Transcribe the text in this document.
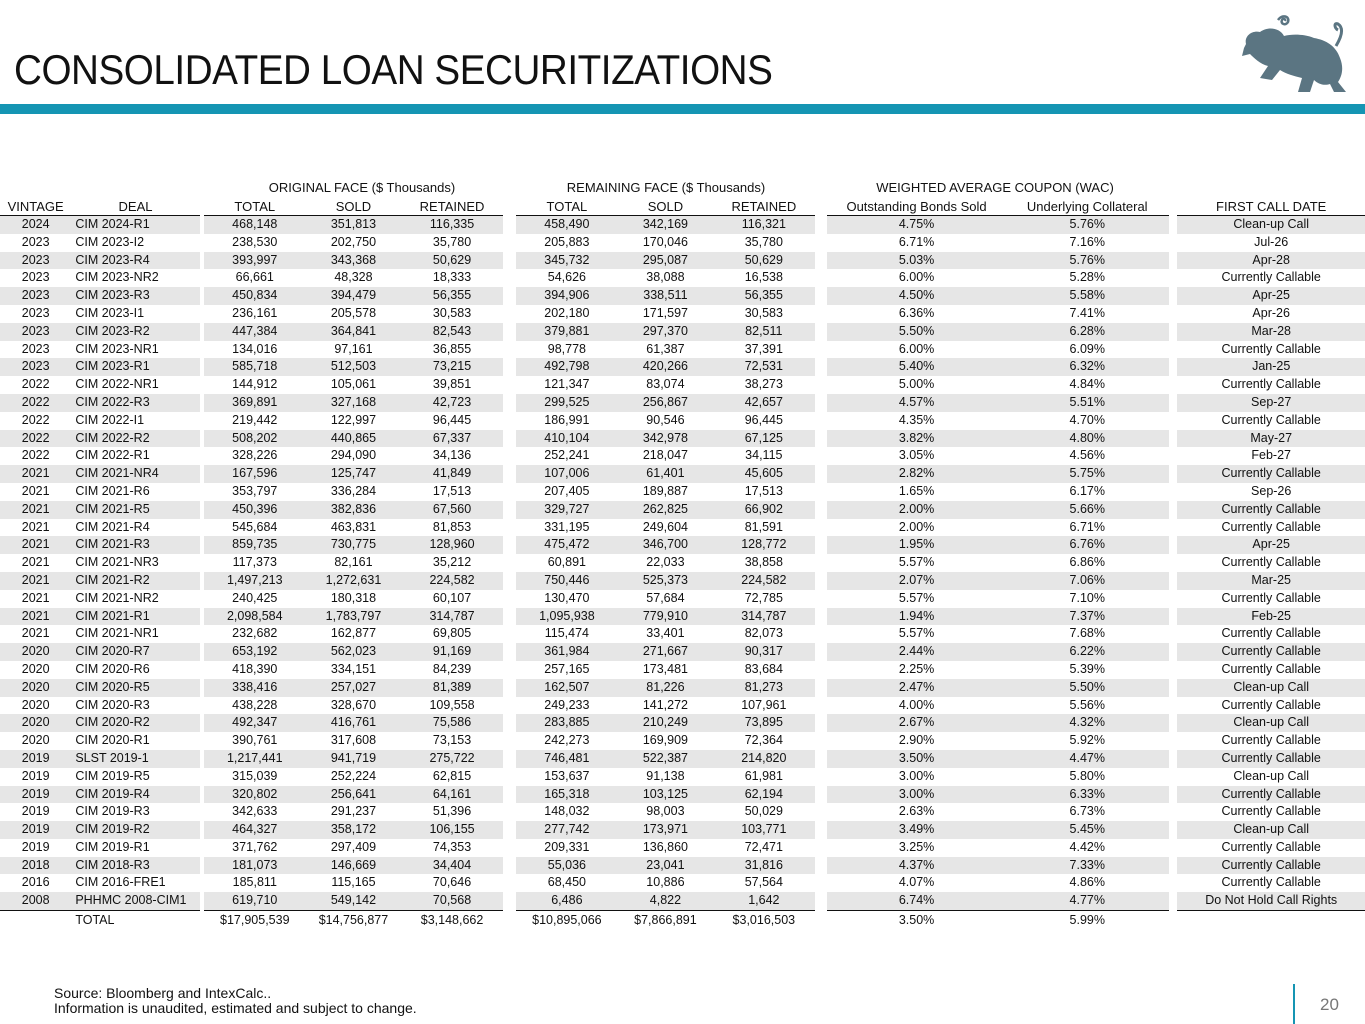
CONSOLIDATED LOAN SECURITIZATIONS
ORIGINAL FACE ($ Thousands)	REMAINING FACE ($ Thousands)	WEIGHTED AVERAGE COUPON (WAC)
VINTAGE	DEAL		TOTAL	SOLD	RETAINED		TOTAL	SOLD	RETAINED		Outstanding Bonds Sold	Underlying Collateral		FIRST CALL DATE
2024	CIM 2024-R1		468,148	351,813	116,335		458,490	342,169	116,321		4.75%	5.76%		Clean-up Call
2023	CIM 2023-I2		238,530	202,750	35,780		205,883	170,046	35,780		6.71%	7.16%		Jul-26
2023	CIM 2023-R4		393,997	343,368	50,629		345,732	295,087	50,629		5.03%	5.76%		Apr-28
2023	CIM 2023-NR2		66,661	48,328	18,333		54,626	38,088	16,538		6.00%	5.28%		Currently Callable
2023	CIM 2023-R3		450,834	394,479	56,355		394,906	338,511	56,355		4.50%	5.58%		Apr-25
2023	CIM 2023-I1		236,161	205,578	30,583		202,180	171,597	30,583		6.36%	7.41%		Apr-26
2023	CIM 2023-R2		447,384	364,841	82,543		379,881	297,370	82,511		5.50%	6.28%		Mar-28
2023	CIM 2023-NR1		134,016	97,161	36,855		98,778	61,387	37,391		6.00%	6.09%		Currently Callable
2023	CIM 2023-R1		585,718	512,503	73,215		492,798	420,266	72,531		5.40%	6.32%		Jan-25
2022	CIM 2022-NR1		144,912	105,061	39,851		121,347	83,074	38,273		5.00%	4.84%		Currently Callable
2022	CIM 2022-R3		369,891	327,168	42,723		299,525	256,867	42,657		4.57%	5.51%		Sep-27
2022	CIM 2022-I1		219,442	122,997	96,445		186,991	90,546	96,445		4.35%	4.70%		Currently Callable
2022	CIM 2022-R2		508,202	440,865	67,337		410,104	342,978	67,125		3.82%	4.80%		May-27
2022	CIM 2022-R1		328,226	294,090	34,136		252,241	218,047	34,115		3.05%	4.56%		Feb-27
2021	CIM 2021-NR4		167,596	125,747	41,849		107,006	61,401	45,605		2.82%	5.75%		Currently Callable
2021	CIM 2021-R6		353,797	336,284	17,513		207,405	189,887	17,513		1.65%	6.17%		Sep-26
2021	CIM 2021-R5		450,396	382,836	67,560		329,727	262,825	66,902		2.00%	5.66%		Currently Callable
2021	CIM 2021-R4		545,684	463,831	81,853		331,195	249,604	81,591		2.00%	6.71%		Currently Callable
2021	CIM 2021-R3		859,735	730,775	128,960		475,472	346,700	128,772		1.95%	6.76%		Apr-25
2021	CIM 2021-NR3		117,373	82,161	35,212		60,891	22,033	38,858		5.57%	6.86%		Currently Callable
2021	CIM 2021-R2		1,497,213	1,272,631	224,582		750,446	525,373	224,582		2.07%	7.06%		Mar-25
2021	CIM 2021-NR2		240,425	180,318	60,107		130,470	57,684	72,785		5.57%	7.10%		Currently Callable
2021	CIM 2021-R1		2,098,584	1,783,797	314,787		1,095,938	779,910	314,787		1.94%	7.37%		Feb-25
2021	CIM 2021-NR1		232,682	162,877	69,805		115,474	33,401	82,073		5.57%	7.68%		Currently Callable
2020	CIM 2020-R7		653,192	562,023	91,169		361,984	271,667	90,317		2.44%	6.22%		Currently Callable
2020	CIM 2020-R6		418,390	334,151	84,239		257,165	173,481	83,684		2.25%	5.39%		Currently Callable
2020	CIM 2020-R5		338,416	257,027	81,389		162,507	81,226	81,273		2.47%	5.50%		Clean-up Call
2020	CIM 2020-R3		438,228	328,670	109,558		249,233	141,272	107,961		4.00%	5.56%		Currently Callable
2020	CIM 2020-R2		492,347	416,761	75,586		283,885	210,249	73,895		2.67%	4.32%		Clean-up Call
2020	CIM 2020-R1		390,761	317,608	73,153		242,273	169,909	72,364		2.90%	5.92%		Currently Callable
2019	SLST 2019-1		1,217,441	941,719	275,722		746,481	522,387	214,820		3.50%	4.47%		Currently Callable
2019	CIM 2019-R5		315,039	252,224	62,815		153,637	91,138	61,981		3.00%	5.80%		Clean-up Call
2019	CIM 2019-R4		320,802	256,641	64,161		165,318	103,125	62,194		3.00%	6.33%		Currently Callable
2019	CIM 2019-R3		342,633	291,237	51,396		148,032	98,003	50,029		2.63%	6.73%		Currently Callable
2019	CIM 2019-R2		464,327	358,172	106,155		277,742	173,971	103,771		3.49%	5.45%		Clean-up Call
2019	CIM 2019-R1		371,762	297,409	74,353		209,331	136,860	72,471		3.25%	4.42%		Currently Callable
2018	CIM 2018-R3		181,073	146,669	34,404		55,036	23,041	31,816		4.37%	7.33%		Currently Callable
2016	CIM 2016-FRE1		185,811	115,165	70,646		68,450	10,886	57,564		4.07%	4.86%		Currently Callable
2008	PHHMC 2008-CIM1		619,710	549,142	70,568		6,486	4,822	1,642		6.74%	4.77%		Do Not Hold Call Rights
	TOTAL		$17,905,539	$14,756,877	$3,148,662		$10,895,066	$7,866,891	$3,016,503		3.50%	5.99%		
Source: Bloomberg and IntexCalc..
Information is unaudited, estimated and subject to change.	20
